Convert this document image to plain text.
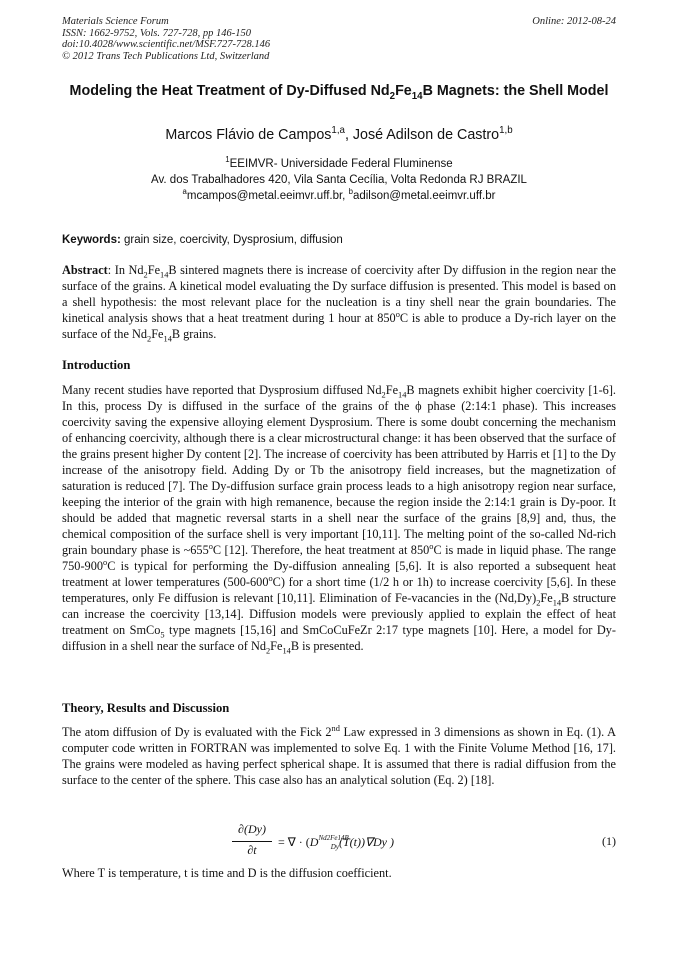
Materials Science Forum
ISSN: 1662-9752, Vols. 727-728, pp 146-150
doi:10.4028/www.scientific.net/MSF.727-728.146
© 2012 Trans Tech Publications Ltd, Switzerland
Online: 2012-08-24
Modeling the Heat Treatment of Dy-Diffused $Nd_2Fe_{14}B$ Magnets: the Shell Model
Marcos Flávio de Campos$^{1,a}$, José Adilson de Castro$^{1,b}$
$^1$EEIMVR- Universidade Federal Fluminense
Av. dos Trabalhadores 420, Vila Santa Cecília, Volta Redonda RJ BRAZIL
$^a$mcampos@metal.eeimvr.uff.br, $^b$adilson@metal.eeimvr.uff.br
Keywords: grain size, coercivity, Dysprosium, diffusion
Abstract: In $Nd_2Fe_{14}B$ sintered magnets there is increase of coercivity after Dy diffusion in the region near the surface of the grains. A kinetical model evaluating the Dy surface diffusion is presented. This model is based on a shell hypothesis: the most relevant place for the nucleation is a tiny shell near the grain boundaries. The kinetical analysis shows that a heat treatment during 1 hour at 850$^o$C is able to produce a Dy-rich layer on the surface of the $Nd_2Fe_{14}B$ grains.
Introduction
Many recent studies have reported that Dysprosium diffused $Nd_2Fe_{14}B$ magnets exhibit higher coercivity [1-6]. In this, process Dy is diffused in the surface of the grains of the ϕ phase (2:14:1 phase). This increases coercivity saving the expensive alloying element Dysprosium. There is some doubt concerning the mechanism of enhancing coercivity, although there is a clear microstructural change: it has been observed that the surface of the grains present higher Dy content [2]. The increase of coercivity has been attributed by Harris et [1] to the Dy increase of the anisotropy field. Adding Dy or Tb the anisotropy field increases, but the magnetization of saturation is reduced [7]. The Dy-diffusion surface grain process leads to a high anisotropy region near surface, keeping the interior of the grain with high remanence, because the region inside the 2:14:1 grain is Dy-poor. It should be added that magnetic reversal starts in a shell near the surface of the grains [8,9] and, thus, the chemical composition of the surface shell is very important [10,11]. The melting point of the so-called Nd-rich grain boundary phase is ~655$^o$C [12]. Therefore, the heat treatment at 850$^o$C is made in liquid phase. The range 750-900$^o$C is typical for performing the Dy-diffusion annealing [5,6]. It is also reported a subsequent heat treatment at lower temperatures (500-600$^o$C) for a short time (1/2 h or 1h) to increase coercivity [5,6]. In these temperatures, only Fe diffusion is relevant [10,11]. Elimination of Fe-vacancies in the $(Nd,Dy)_2Fe_{14}B$ structure can increase the coercivity [13,14]. Diffusion models were previously applied to explain the effect of heat treatment on SmCo$_5$ type magnets [15,16] and SmCoCuFeZr 2:17 type magnets [10]. Here, a model for Dy-diffusion in a shell near the surface of $Nd_2Fe_{14}B$ is presented.
Theory, Results and Discussion
The atom diffusion of Dy is evaluated with the Fick 2nd Law expressed in 3 dimensions as shown in Eq. (1). A computer code written in FORTRAN was implemented to solve Eq. 1 with the Finite Volume Method [16, 17]. The grains were modeled as having perfect spherical shape. It is assumed that there is radial diffusion from the surface to the center of the sphere. This case also has an analytical solution (Eq. 2) [18].
∂(Dy)
∂t
= ∇ · ($D^{Nd2Fe14B}_{Dy}(T(t))\nabla Dy$ )	(1)
Where T is temperature, t is time and D is the diffusion coefficient.
